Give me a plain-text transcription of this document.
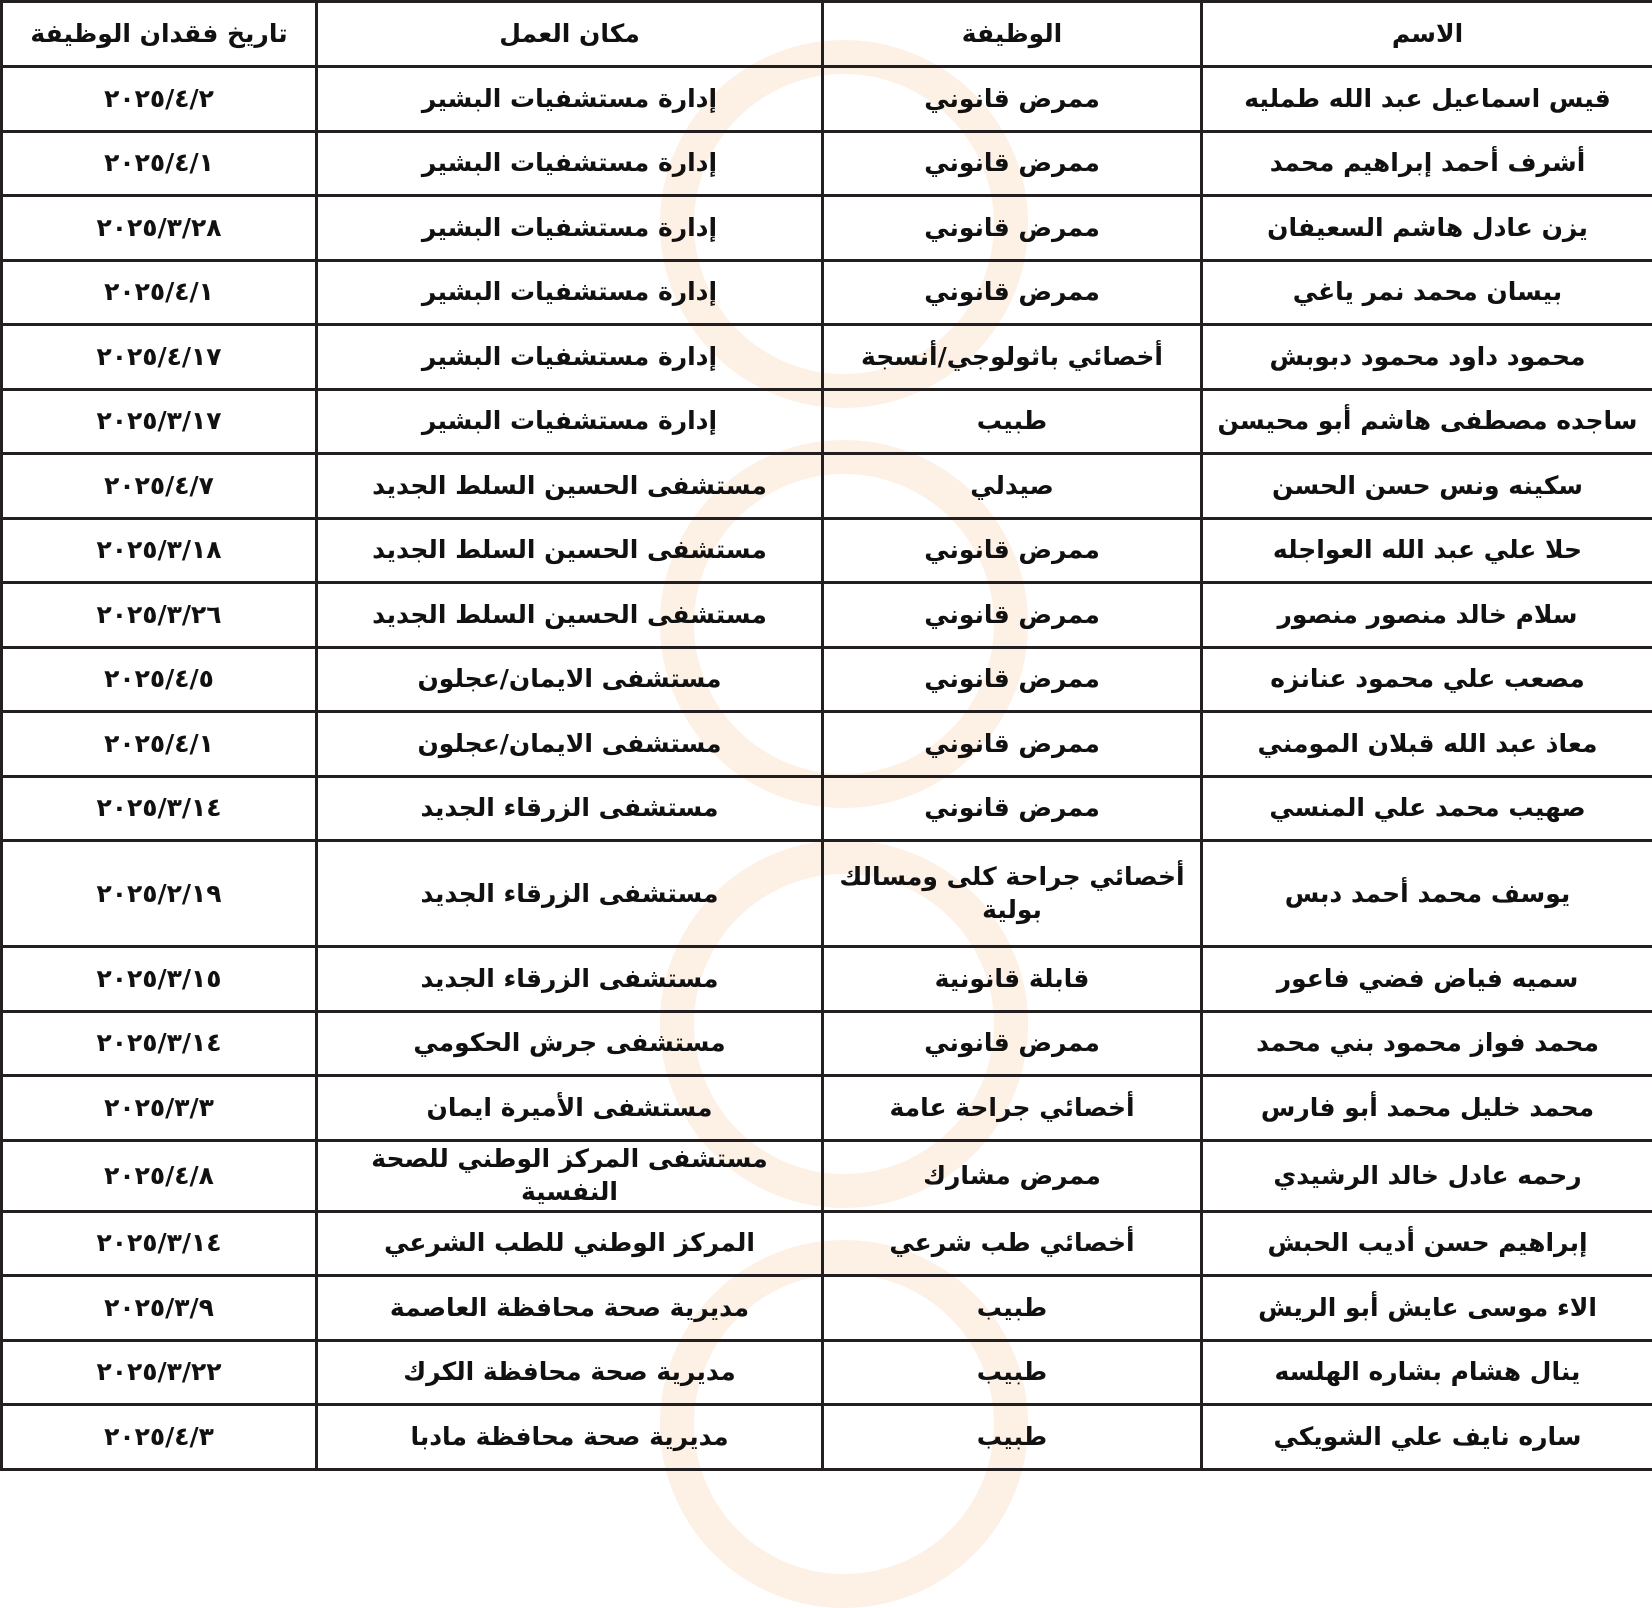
الاسم	الوظيفة	مكان العمل	تاريخ فقدان الوظيفة
قيس اسماعيل عبد الله طمليه	ممرض قانوني	إدارة مستشفيات البشير	٢٠٢٥/٤/٢
أشرف أحمد إبراهيم محمد	ممرض قانوني	إدارة مستشفيات البشير	٢٠٢٥/٤/١
يزن عادل هاشم السعيفان	ممرض قانوني	إدارة مستشفيات البشير	٢٠٢٥/٣/٢٨
بيسان محمد نمر ياغي	ممرض قانوني	إدارة مستشفيات البشير	٢٠٢٥/٤/١
محمود داود محمود دبوبش	أخصائي باثولوجي/أنسجة	إدارة مستشفيات البشير	٢٠٢٥/٤/١٧
ساجده مصطفى هاشم أبو محيسن	طبيب	إدارة مستشفيات البشير	٢٠٢٥/٣/١٧
سكينه ونس حسن الحسن	صيدلي	مستشفى الحسين السلط الجديد	٢٠٢٥/٤/٧
حلا علي عبد الله العواجله	ممرض قانوني	مستشفى الحسين السلط الجديد	٢٠٢٥/٣/١٨
سلام خالد منصور منصور	ممرض قانوني	مستشفى الحسين السلط الجديد	٢٠٢٥/٣/٢٦
مصعب علي محمود عنانزه	ممرض قانوني	مستشفى الايمان/عجلون	٢٠٢٥/٤/٥
معاذ عبد الله قبلان المومني	ممرض قانوني	مستشفى الايمان/عجلون	٢٠٢٥/٤/١
صهيب محمد علي المنسي	ممرض قانوني	مستشفى الزرقاء الجديد	٢٠٢٥/٣/١٤
يوسف محمد أحمد دبس	أخصائي جراحة كلى ومسالك بولية	مستشفى الزرقاء الجديد	٢٠٢٥/٢/١٩
سميه فياض فضي فاعور	قابلة قانونية	مستشفى الزرقاء الجديد	٢٠٢٥/٣/١٥
محمد فواز محمود بني محمد	ممرض قانوني	مستشفى جرش الحكومي	٢٠٢٥/٣/١٤
محمد خليل محمد أبو فارس	أخصائي جراحة عامة	مستشفى الأميرة ايمان	٢٠٢٥/٣/٣
رحمه عادل خالد الرشيدي	ممرض مشارك	مستشفى المركز الوطني للصحة النفسية	٢٠٢٥/٤/٨
إبراهيم حسن أديب الحبش	أخصائي طب شرعي	المركز الوطني للطب الشرعي	٢٠٢٥/٣/١٤
الاء موسى عايش أبو الريش	طبيب	مديرية صحة محافظة العاصمة	٢٠٢٥/٣/٩
ينال هشام بشاره الهلسه	طبيب	مديرية صحة محافظة الكرك	٢٠٢٥/٣/٢٢
ساره نايف علي الشويكي	طبيب	مديرية صحة محافظة مادبا	٢٠٢٥/٤/٣
